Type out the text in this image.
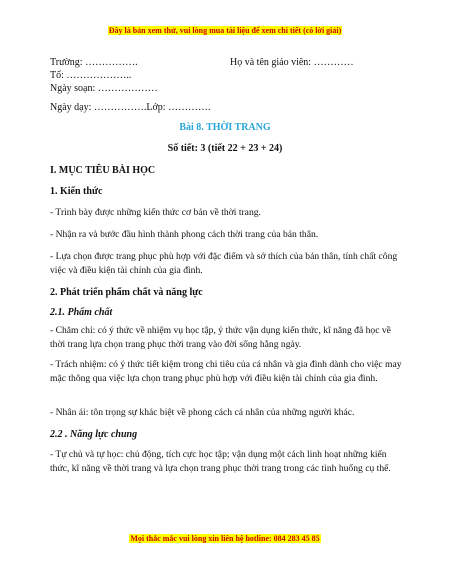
Đây là bản xem thử, vui lòng mua tài liệu để xem chi tiết (có lời giải)
Trường: …………….	Họ và tên giáo viên: …………
Tổ: ………………..
Ngày soạn: ………………
Ngày dạy: …………….Lớp: ………….
Bài 8. THỜI TRANG
Số tiết: 3 (tiết 22 + 23 + 24)
I. MỤC TIÊU BÀI HỌC
1. Kiến thức
- Trình bày được những kiến thức cơ bản về thời trang.
- Nhận ra và bước đầu hình thành phong cách thời trang của bản thân.
- Lựa chọn được trang phục phù hợp với đặc điểm và sở thích của bản thân, tính chất công việc và điều kiện tài chính của gia đình.
2. Phát triển phẩm chất và năng lực
2.1. Phẩm chất
- Chăm chỉ: có ý thức về nhiệm vụ học tập, ý thức vận dụng kiến thức, kĩ năng đã học về thời trang lựa chọn trang phục thời trang vào đời sống hằng ngày.
- Trách nhiệm: có ý thức tiết kiệm trong chi tiêu của cá nhân và gia đình dành cho việc may mặc thông qua việc lựa chọn trang phục phù hợp với điều kiện tài chính của gia đình.
- Nhân ái: tôn trọng sự khác biệt về phong cách cá nhân của những người khác.
2.2 . Năng lực chung
- Tự chủ và tự học: chủ động, tích cực học tập; vận dụng một cách linh hoạt những kiến thức, kĩ năng về thời trang và lựa chọn trang phục thời trang trong các tình huống cụ thể.
Mọi thắc mắc vui lòng xin liên hệ hotline: 084 283 45 85
